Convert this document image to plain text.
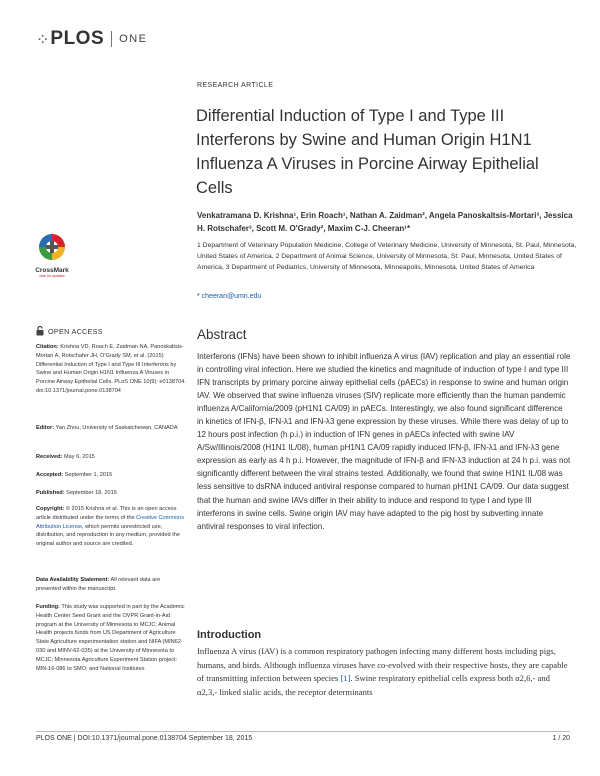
⁘ PLOS ONE
RESEARCH ARTICLE
Differential Induction of Type I and Type III Interferons by Swine and Human Origin H1N1 Influenza A Viruses in Porcine Airway Epithelial Cells
Venkatramana D. Krishna¹, Erin Roach¹, Nathan A. Zaidman², Angela Panoskaltsis-Mortari³, Jessica H. Rotschafer³, Scott M. O'Grady², Maxim C-J. Cheeran¹*
1 Department of Veterinary Population Medicine, College of Veterinary Medicine, University of Minnesota, St. Paul, Minnesota, United States of America, 2 Department of Animal Science, University of Minnesota, St. Paul, Minnesota, United States of America, 3 Department of Pediatrics, University of Minnesota, Minneapolis, Minnesota, United States of America
* cheeran@umn.edu
CrossMark
click for updates
OPEN ACCESS
Citation: Krishna VD, Roach E, Zaidman NA, Panoskaltsis-Mortari A, Rotschafer JH, O'Grady SM, et al. (2015) Differential Induction of Type I and Type III Interferons by Swine and Human Origin H1N1 Influenza A Viruses in Porcine Airway Epithelial Cells. PLoS ONE 10(9): e0138704. doi:10.1371/journal.pone.0138704
Editor: Yan Zhou, University of Saskatchewan, CANADA
Received: May 6, 2015
Accepted: September 1, 2015
Published: September 18, 2015
Copyright: © 2015 Krishna et al. This is an open access article distributed under the terms of the Creative Commons Attribution License, which permits unrestricted use, distribution, and reproduction in any medium, provided the original author and source are credited.
Data Availability Statement: All relevant data are presented within the manuscript.
Funding: This study was supported in part by the Academic Health Center Seed Grant and the OVPR Grant-in-Aid program at the University of Minnesota to MCJC; Animal Health projects funds from US Department of Agriculture State Agriculture experimentation station and NIFA (MIN62-030 and MINV-62-035) at the University of Minnesota to MCJC; Minnesota Agriculture Experiment Station project: MIN-16-086 to SMO; and National Institutes
Abstract
Interferons (IFNs) have been shown to inhibit influenza A virus (IAV) replication and play an essential role in controlling viral infection. Here we studied the kinetics and magnitude of induction of type I and type III IFN transcripts by primary porcine airway epithelial cells (pAECs) in response to swine and human origin IAV. We observed that swine influenza viruses (SIV) replicate more efficiently than the human pandemic influenza A/California/2009 (pH1N1 CA/09) in pAECs. Interestingly, we also found significant difference in kinetics of IFN-β, IFN-λ1 and IFN-λ3 gene expression by these viruses. While there was delay of up to 12 hours post infection (h p.i.) in induction of IFN genes in pAECs infected with swine IAV A/Sw/Illinois/2008 (H1N1 IL/08), human pH1N1 CA/09 rapidly induced IFN-β, IFN-λ1 and IFN-λ3 gene expression as early as 4 h p.i. However, the magnitude of IFN-β and IFN-λ3 induction at 24 h p.i. was not significantly different between the viral strains tested. Additionally, we found that swine H1N1 IL/08 was less sensitive to dsRNA induced antiviral response compared to human pH1N1 CA/09. Our data suggest that the human and swine IAVs differ in their ability to induce and respond to type I and type III interferons in swine cells. Swine origin IAV may have adapted to the pig host by subverting innate antiviral responses to viral infection.
Introduction
Influenza A virus (IAV) is a common respiratory pathogen infecting many different hosts including pigs, humans, and birds. Although influenza viruses have co-evolved with their respective hosts, they are capable of transmitting infection between species [1]. Swine respiratory epithelial cells express both α2,6,- and α2,3,- linked sialic acids, the receptor determinants
PLOS ONE | DOI:10.1371/journal.pone.0138704 September 18, 2015	1 / 20
